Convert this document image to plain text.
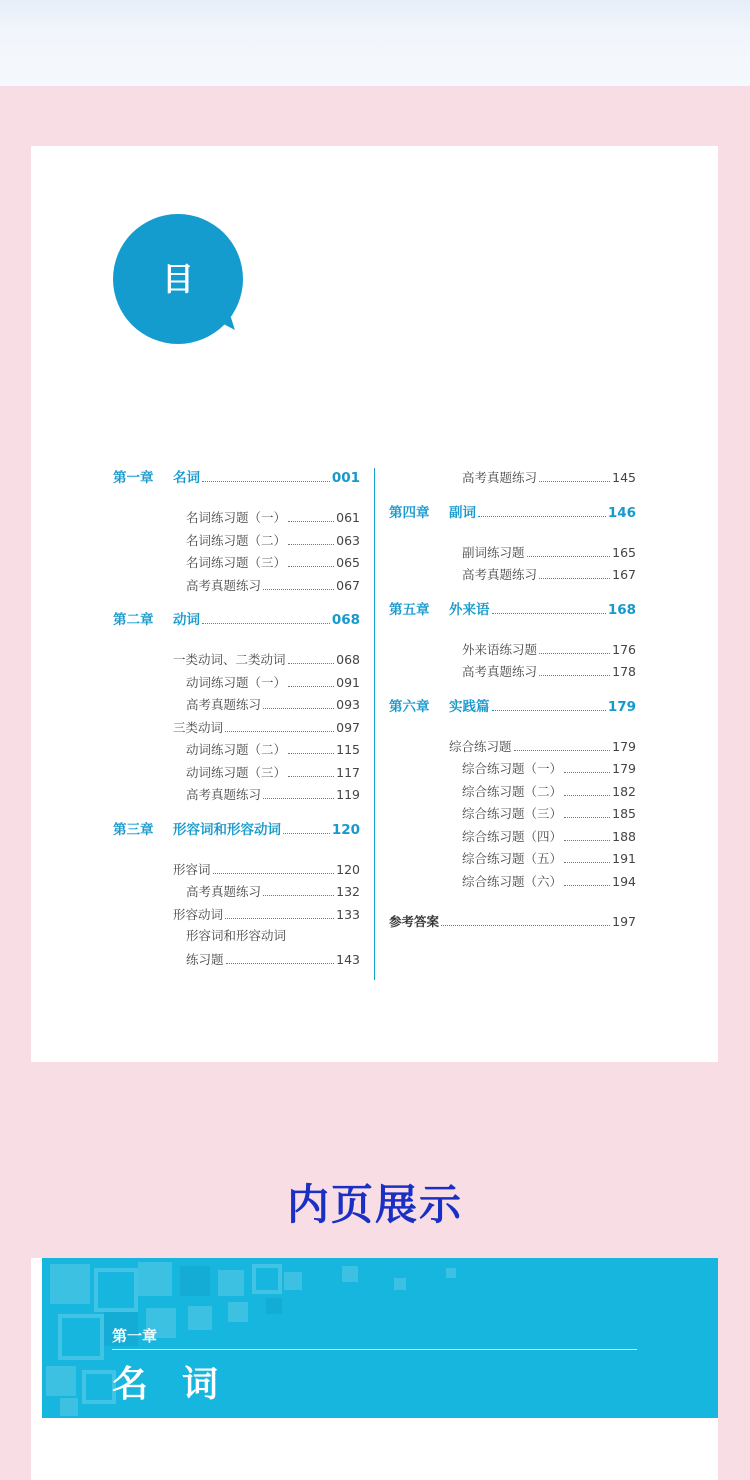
目 录
第一章	名词	001
名词练习题（一）	061
名词练习题（二）	063
名词练习题（三）	065
高考真题练习	067
第二章	动词	068
一类动词、二类动词	068
动词练习题（一）	091
高考真题练习	093
三类动词	097
动词练习题（二）	115
动词练习题（三）	117
高考真题练习	119
第三章	形容词和形容动词	120
形容词	120
高考真题练习	132
形容动词	133
形容词和形容动词
练习题	143
高考真题练习	145
第四章	副词	146
副词练习题	165
高考真题练习	167
第五章	外来语	168
外来语练习题	176
高考真题练习	178
第六章	实践篇	179
综合练习题	179
综合练习题（一）	179
综合练习题（二）	182
综合练习题（三）	185
综合练习题（四）	188
综合练习题（五）	191
综合练习题（六）	194
参考答案	197
内页展示
第一章
名词
